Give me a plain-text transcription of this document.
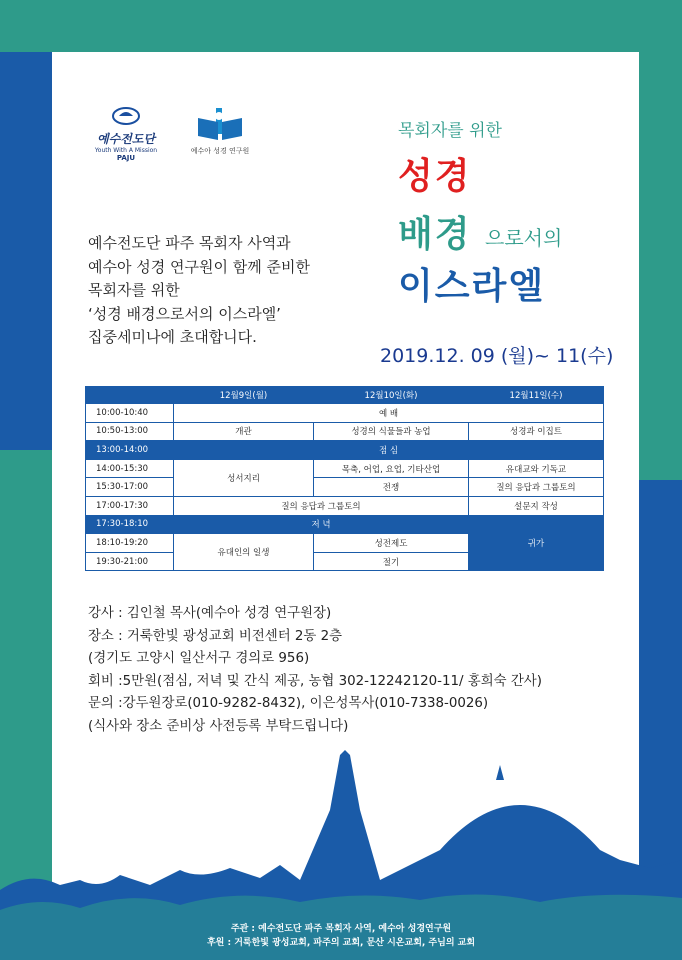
예수전도단
Youth With A Mission
PAJU
예수아 성경 연구원
목회자를 위한
성경
배경 으로서의
이스라엘
예수전도단 파주 목회자 사역과
예수아 성경 연구원이 함께 준비한
목회자를 위한
‘성경 배경으로서의 이스라엘’
집중세미나에 초대합니다.
2019.12. 09 (월)~ 11(수)
	12월9일(월)	12월10일(화)	12월11일(수)
10:00-10:40	예 배		
10:50-13:00	개관	성경의 식물들과 농업	성경과 이집트
13:00-14:00	점 심		
14:00-15:30	성서지리	목축, 어업, 요업, 기타산업	유대교와 기독교
15:30-17:00		전쟁	질의 응답과 그룹토의
17:00-17:30	질의 응답과 그룹토의		설문지 작성
17:30-18:10	저 녁		귀가
18:10-19:20	유대인의 일생	성전제도	
19:30-21:00		절기	
강사 : 김인철 목사(예수아 성경 연구원장)
장소 : 거룩한빛 광성교회 비전센터 2동 2층
(경기도 고양시 일산서구 경의로 956)
회비 :5만원(점심, 저녁 및 간식 제공, 농협 302-12242120-11/ 홍희숙 간사)
문의 :강두원장로(010-9282-8432), 이은성목사(010-7338-0026)
(식사와 장소 준비상 사전등록 부탁드립니다)
주관 : 예수전도단 파주 목회자 사역, 예수아 성경연구원
후원 : 거룩한빛 광성교회, 파주의 교회, 문산 시온교회, 주님의 교회
